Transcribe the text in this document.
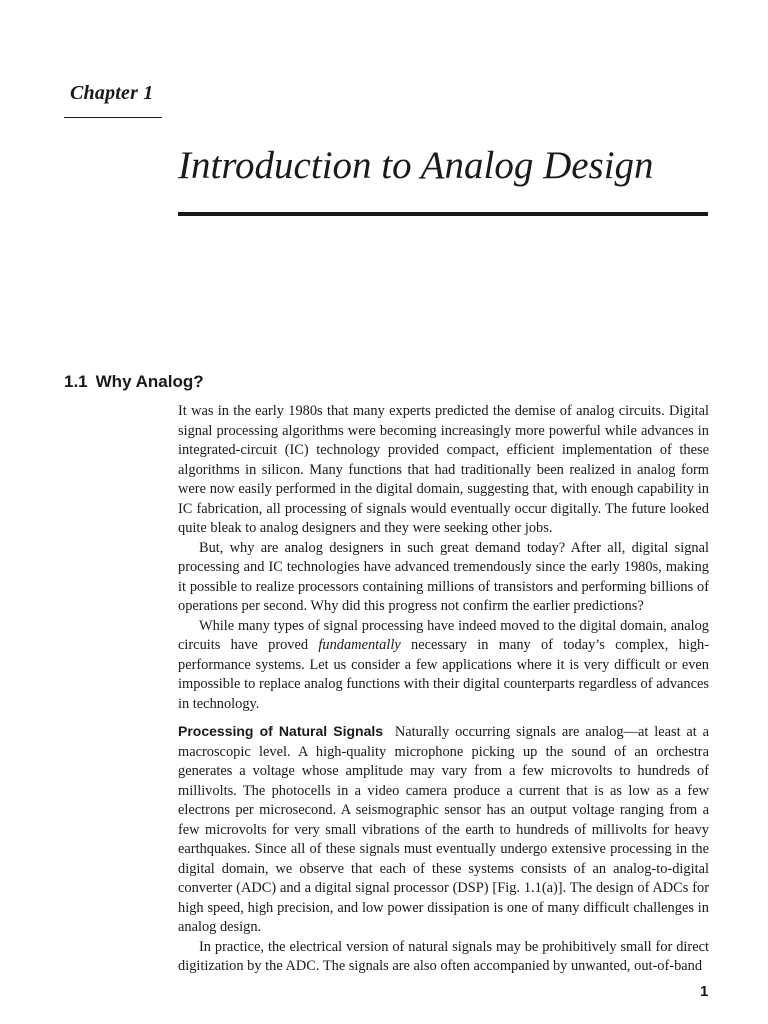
Chapter 1
Introduction to Analog Design
1.1 Why Analog?

It was in the early 1980s that many experts predicted the demise of analog circuits. Digital signal processing algorithms were becoming increasingly more powerful while advances in integrated-circuit (IC) technology provided compact, efficient implementation of these algorithms in silicon. Many functions that had traditionally been realized in analog form were now easily performed in the digital domain, suggesting that, with enough capability in IC fabrication, all processing of signals would eventually occur digitally. The future looked quite bleak to analog designers and they were seeking other jobs.

But, why are analog designers in such great demand today? After all, digital signal processing and IC technologies have advanced tremendously since the early 1980s, making it possible to realize processors containing millions of transistors and performing billions of operations per second. Why did this progress not confirm the earlier predictions?

While many types of signal processing have indeed moved to the digital domain, analog circuits have proved fundamentally necessary in many of today’s complex, high-performance systems. Let us consider a few applications where it is very difficult or even impossible to replace analog functions with their digital counterparts regardless of advances in technology.

Processing of Natural Signals Naturally occurring signals are analog—at least at a macroscopic level. A high-quality microphone picking up the sound of an orchestra generates a voltage whose amplitude may vary from a few microvolts to hundreds of millivolts. The photocells in a video camera produce a current that is as low as a few electrons per microsecond. A seismographic sensor has an output voltage ranging from a few microvolts for very small vibrations of the earth to hundreds of millivolts for heavy earthquakes. Since all of these signals must eventually undergo extensive processing in the digital domain, we observe that each of these systems consists of an analog-to-digital converter (ADC) and a digital signal processor (DSP) [Fig. 1.1(a)]. The design of ADCs for high speed, high precision, and low power dissipation is one of many difficult challenges in analog design.

In practice, the electrical version of natural signals may be prohibitively small for direct digitization by the ADC. The signals are also often accompanied by unwanted, out-of-band

1
